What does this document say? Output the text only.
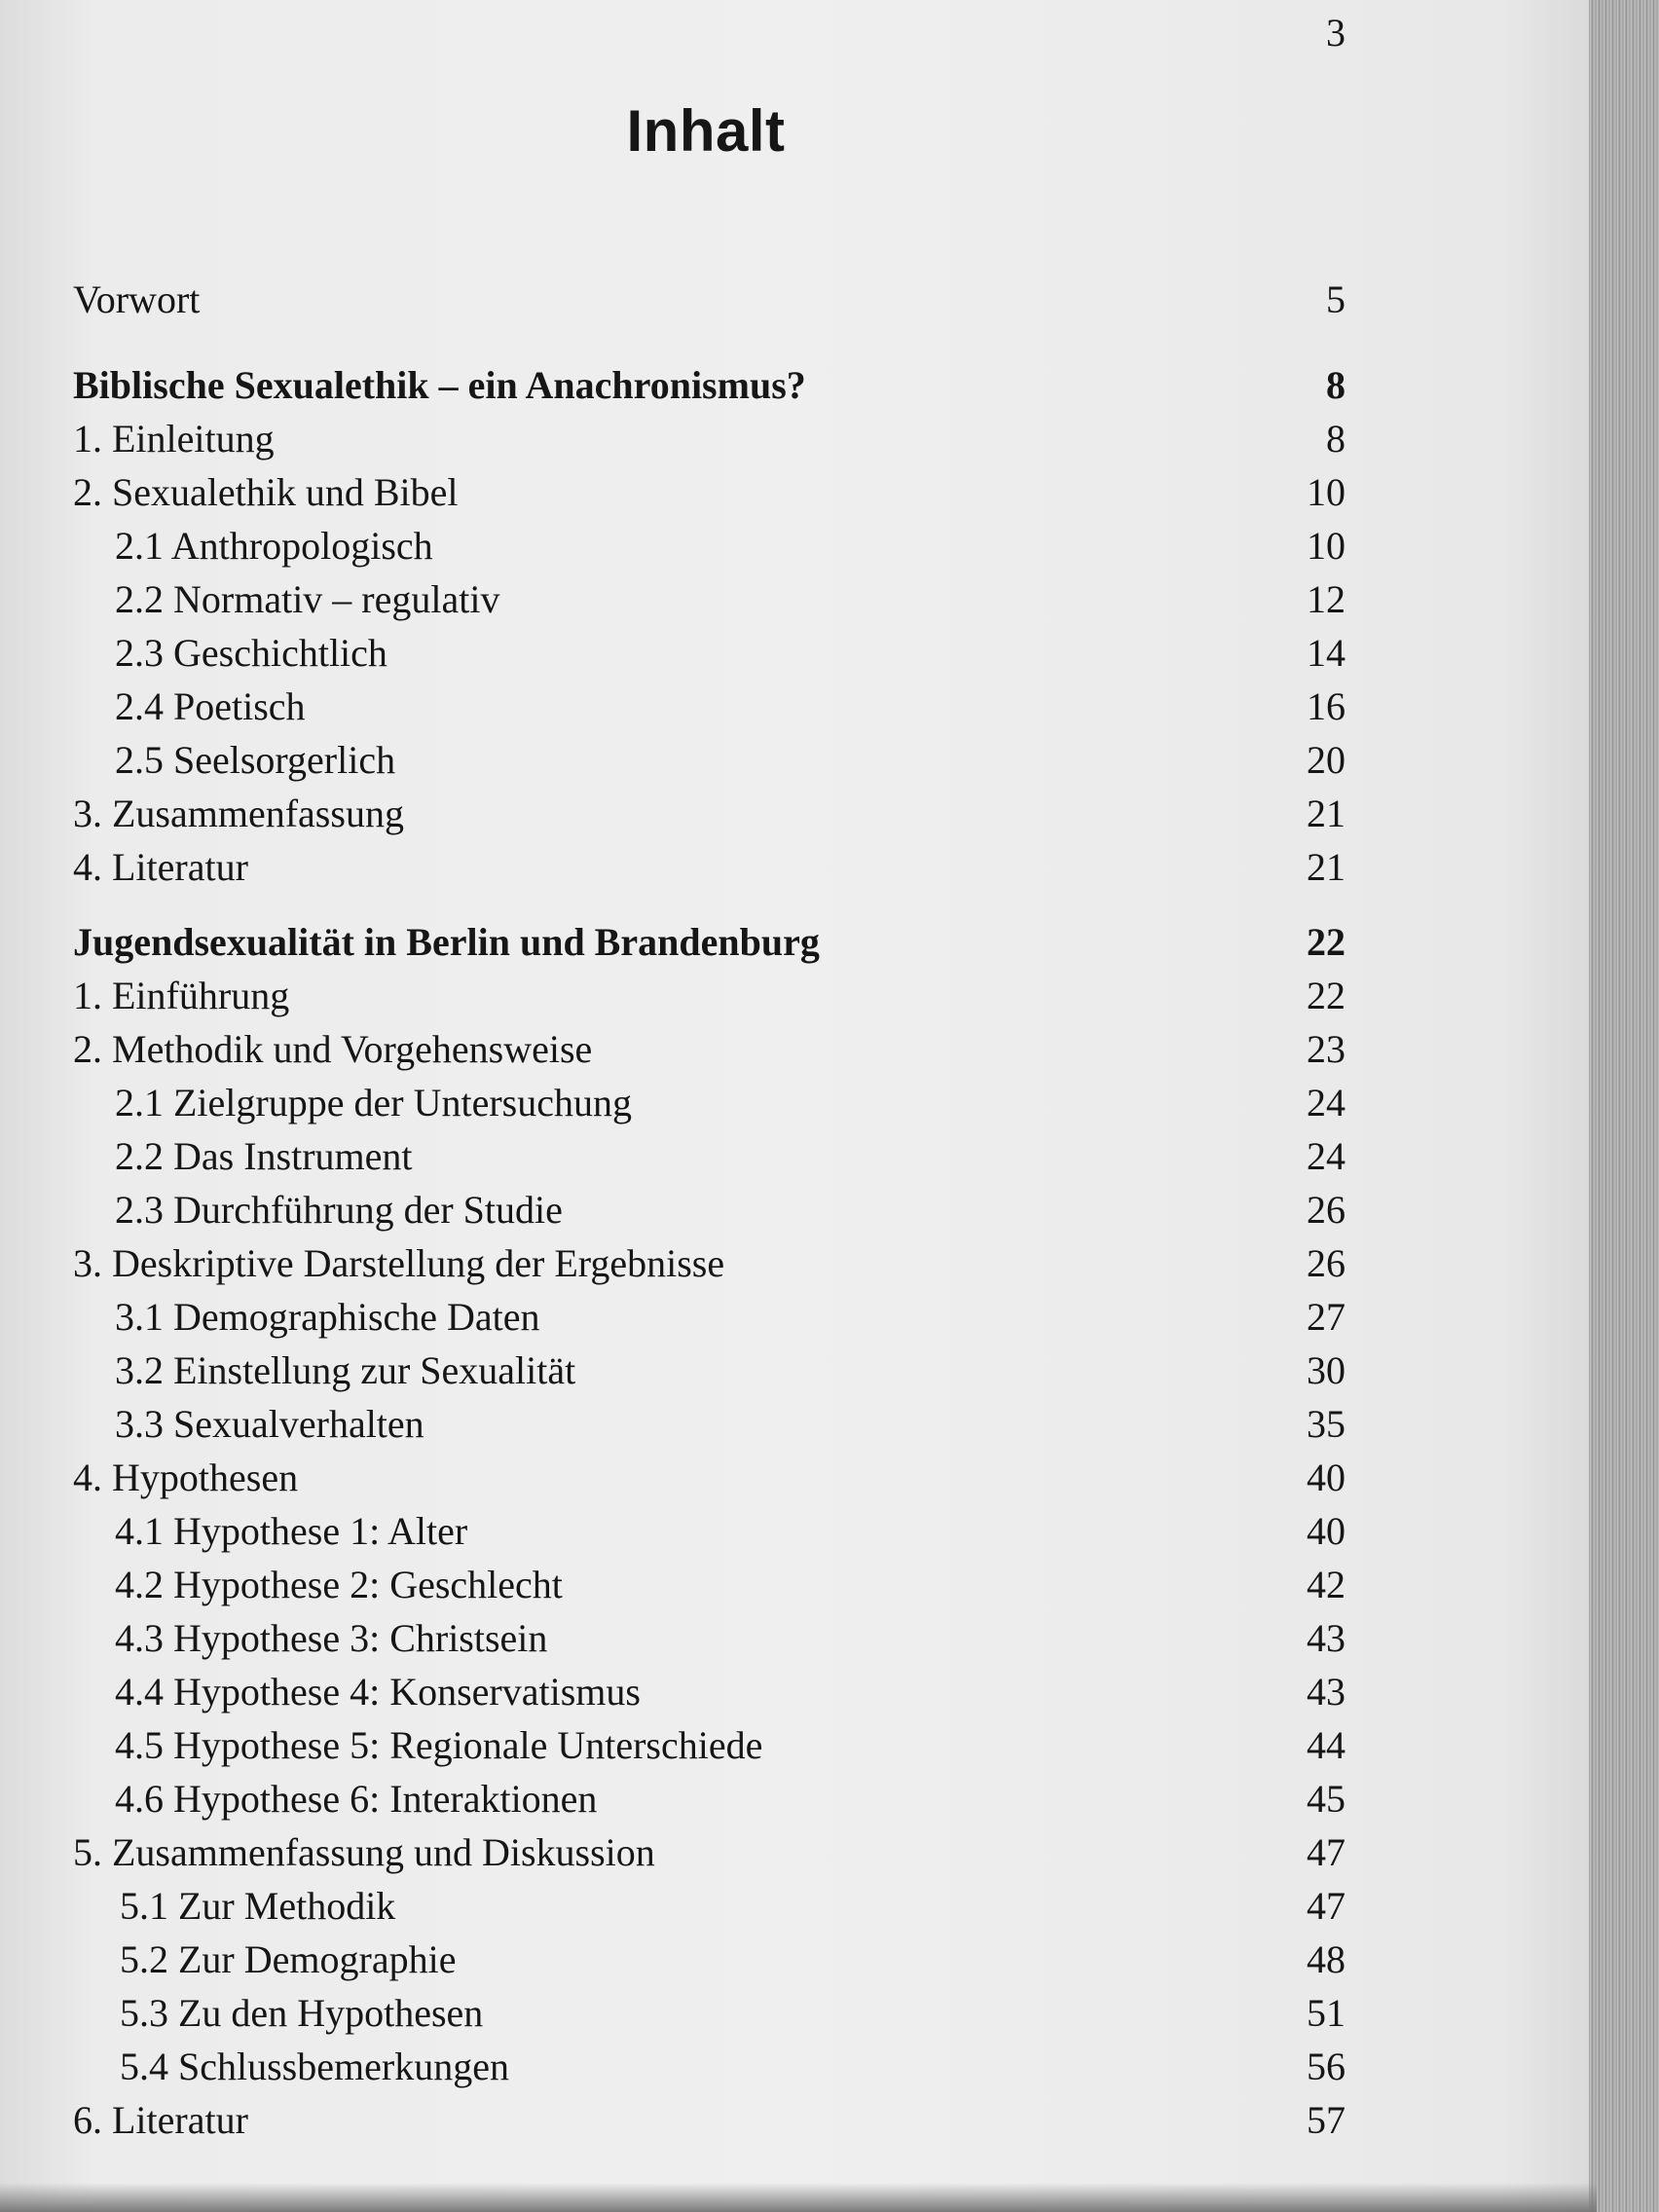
3
Inhalt
Vorwort	5
Biblische Sexualethik – ein Anachronismus?	8
1. Einleitung	8
2. Sexualethik und Bibel	10
2.1 Anthropologisch	10
2.2 Normativ – regulativ	12
2.3 Geschichtlich	14
2.4 Poetisch	16
2.5 Seelsorgerlich	20
3. Zusammenfassung	21
4. Literatur	21
Jugendsexualität in Berlin und Brandenburg	22
1. Einführung	22
2. Methodik und Vorgehensweise	23
2.1 Zielgruppe der Untersuchung	24
2.2 Das Instrument	24
2.3 Durchführung der Studie	26
3. Deskriptive Darstellung der Ergebnisse	26
3.1 Demographische Daten	27
3.2 Einstellung zur Sexualität	30
3.3 Sexualverhalten	35
4. Hypothesen	40
4.1 Hypothese 1: Alter	40
4.2 Hypothese 2: Geschlecht	42
4.3 Hypothese 3: Christsein	43
4.4 Hypothese 4: Konservatismus	43
4.5 Hypothese 5: Regionale Unterschiede	44
4.6 Hypothese 6: Interaktionen	45
5. Zusammenfassung und Diskussion	47
5.1 Zur Methodik	47
5.2 Zur Demographie	48
5.3 Zu den Hypothesen	51
5.4 Schlussbemerkungen	56
6. Literatur	57
